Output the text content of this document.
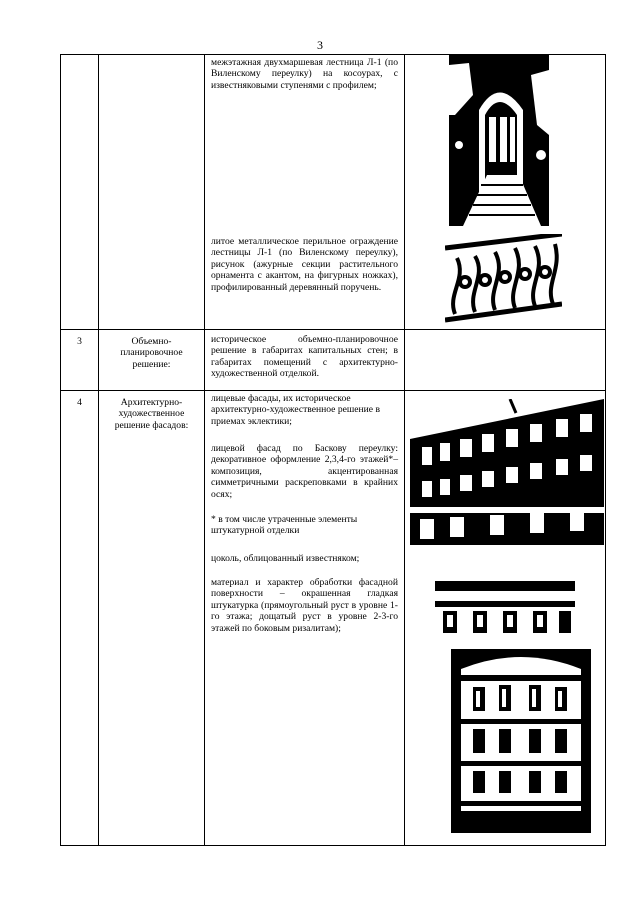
3

		межэтажная двухмаршевая лестница Л-1 (по Виленскому переулку) на косоурах, с известняковыми ступенями с профилем;
литое металлическое перильное ограждение лестницы Л-1 (по Виленскому переулку), рисунок (ажурные секции растительного орнамента с акантом, на фигурных ножках), профилированный деревянный поручень.

3	Объемно-планировочное решение:	историческое объемно-планировочное решение в габаритах капитальных стен; в габаритах помещений с архитектурно-художественной отделкой.	

4	Архитектурно-художественное решение фасадов:	лицевые фасады, их историческое архитектурно-художественное решение в приемах эклектики;
лицевой фасад по Баскову переулку: декоративное оформление 2,3,4-го этажей*– композиция, акцентированная симметричными раскреповками в крайних осях;
* в том числе утраченные элементы штукатурной отделки
цоколь, облицованный известняком;
материал и характер обработки фасадной поверхности – окрашенная гладкая штукатурка (прямоугольный руст в уровне 1-го этажа; дощатый руст в уровне 2-3-го этажей по боковым ризалитам);
